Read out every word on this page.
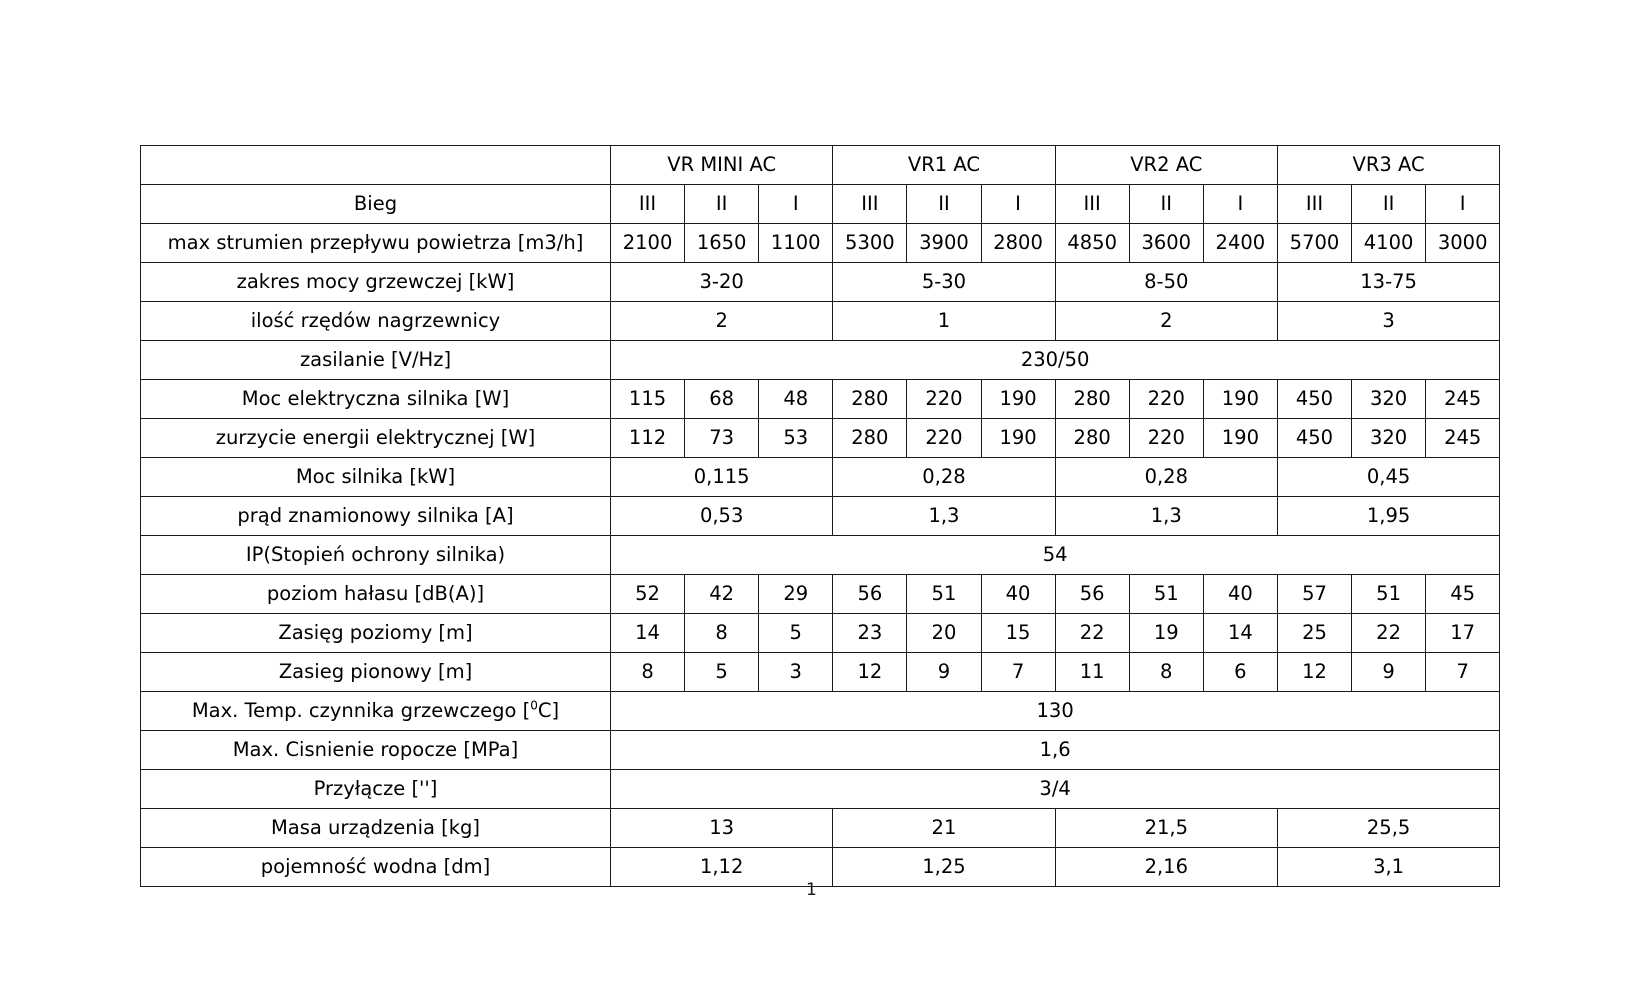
	VR MINI AC			VR1 AC			VR2 AC			VR3 AC		
Bieg	III	II	I	III	II	I	III	II	I	III	II	I
max strumien przepływu powietrza [m3/h]	2100	1650	1100	5300	3900	2800	4850	3600	2400	5700	4100	3000
zakres mocy grzewczej [kW]	3-20			5-30			8-50			13-75		
ilość rzędów nagrzewnicy	2			1			2			3		
zasilanie [V/Hz]	230/50											
Moc elektryczna silnika [W]	115	68	48	280	220	190	280	220	190	450	320	245
zurzycie energii elektrycznej [W]	112	73	53	280	220	190	280	220	190	450	320	245
Moc silnika [kW]	0,115			0,28			0,28			0,45		
prąd znamionowy silnika [A]	0,53			1,3			1,3			1,95		
IP(Stopień ochrony silnika)	54											
poziom hałasu [dB(A)]	52	42	29	56	51	40	56	51	40	57	51	45
Zasięg poziomy [m]	14	8	5	23	20	15	22	19	14	25	22	17
Zasieg pionowy [m]	8	5	3	12	9	7	11	8	6	12	9	7
Max. Temp. czynnika grzewczego [$^0$C]	130											
Max. Cisnienie ropocze [MPa]	1,6											
Przyłącze ['']	3/4											
Masa urządzenia [kg]	13			21			21,5			25,5		
pojemność wodna [dm]	1,12			1,25			2,16			3,1		
1
